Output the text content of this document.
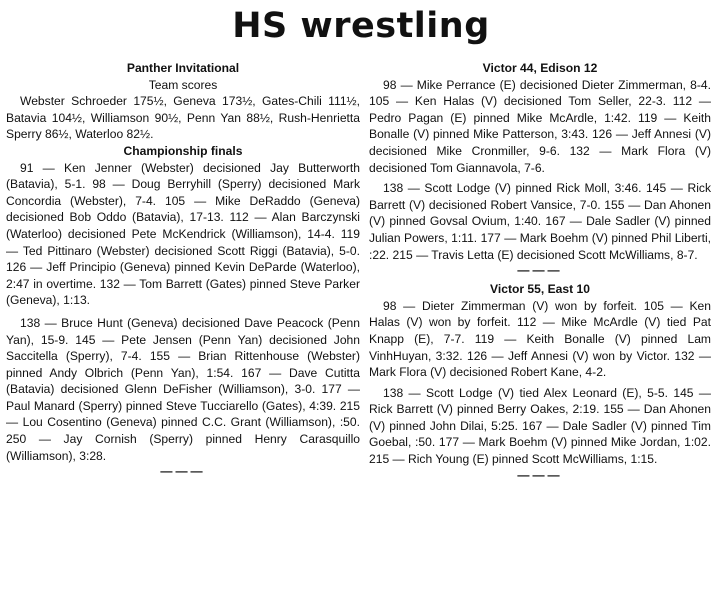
HS wrestling
Panther Invitational
Team scores

Webster Schroeder 175½, Geneva 173½, Gates-Chili 111½, Batavia 104½, Williamson 90½, Penn Yan 88½, Rush-Henrietta Sperry 86½, Waterloo 82½.

Championship finals

91 — Ken Jenner (Webster) decisioned Jay Butterworth (Batavia), 5-1. 98 — Doug Berryhill (Sperry) decisioned Mark Concordia (Webster), 7-4. 105 — Mike DeRaddo (Geneva) decisioned Bob Oddo (Batavia), 17-13. 112 — Alan Barczynski (Waterloo) decisioned Pete McKendrick (Williamson), 14-4. 119 — Ted Pittinaro (Webster) decisioned Scott Riggi (Batavia), 5-0. 126 — Jeff Principio (Geneva) pinned Kevin DeParde (Waterloo), 2:47 in overtime. 132 — Tom Barrett (Gates) pinned Steve Parker (Geneva), 1:13.

138 — Bruce Hunt (Geneva) decisioned Dave Peacock (Penn Yan), 15-9. 145 — Pete Jensen (Penn Yan) decisioned John Saccitella (Sperry), 7-4. 155 — Brian Rittenhouse (Webster) pinned Andy Olbrich (Penn Yan), 1:54. 167 — Dave Cutitta (Batavia) decisioned Glenn DeFisher (Williamson), 3-0. 177 — Paul Manard (Sperry) pinned Steve Tucciarello (Gates), 4:39. 215 — Lou Cosentino (Geneva) pinned C.C. Grant (Williamson), :50. 250 — Jay Cornish (Sperry) pinned Henry Carasquillo (Williamson), 3:28.

———
Victor 44, Edison 12

98 — Mike Perrance (E) decisioned Dieter Zimmerman, 8-4. 105 — Ken Halas (V) decisioned Tom Seller, 22-3. 112 — Pedro Pagan (E) pinned Mike McArdle, 1:42. 119 — Keith Bonalle (V) pinned Mike Patterson, 3:43. 126 — Jeff Annesi (V) decisioned Mike Cronmiller, 9-6. 132 — Mark Flora (V) decisioned Tom Giannavola, 7-6.

138 — Scott Lodge (V) pinned Rick Moll, 3:46. 145 — Rick Barrett (V) decisioned Robert Vansice, 7-0. 155 — Dan Ahonen (V) pinned Govsal Ovium, 1:40. 167 — Dale Sadler (V) pinned Julian Powers, 1:11. 177 — Mark Boehm (V) pinned Phil Liberti, :22. 215 — Travis Letta (E) decisioned Scott McWilliams, 8-7.

———
Victor 55, East 10

98 — Dieter Zimmerman (V) won by forfeit. 105 — Ken Halas (V) won by forfeit. 112 — Mike McArdle (V) tied Pat Knapp (E), 7-7. 119 — Keith Bonalle (V) pinned Lam VinhHuyan, 3:32. 126 — Jeff Annesi (V) won by Victor. 132 — Mark Flora (V) decisioned Robert Kane, 4-2.

138 — Scott Lodge (V) tied Alex Leonard (E), 5-5. 145 — Rick Barrett (V) pinned Berry Oakes, 2:19. 155 — Dan Ahonen (V) pinned John Dilai, 5:25. 167 — Dale Sadler (V) pinned Tim Goebal, :50. 177 — Mark Boehm (V) pinned Mike Jordan, 1:02. 215 — Rich Young (E) pinned Scott McWilliams, 1:15.

———
